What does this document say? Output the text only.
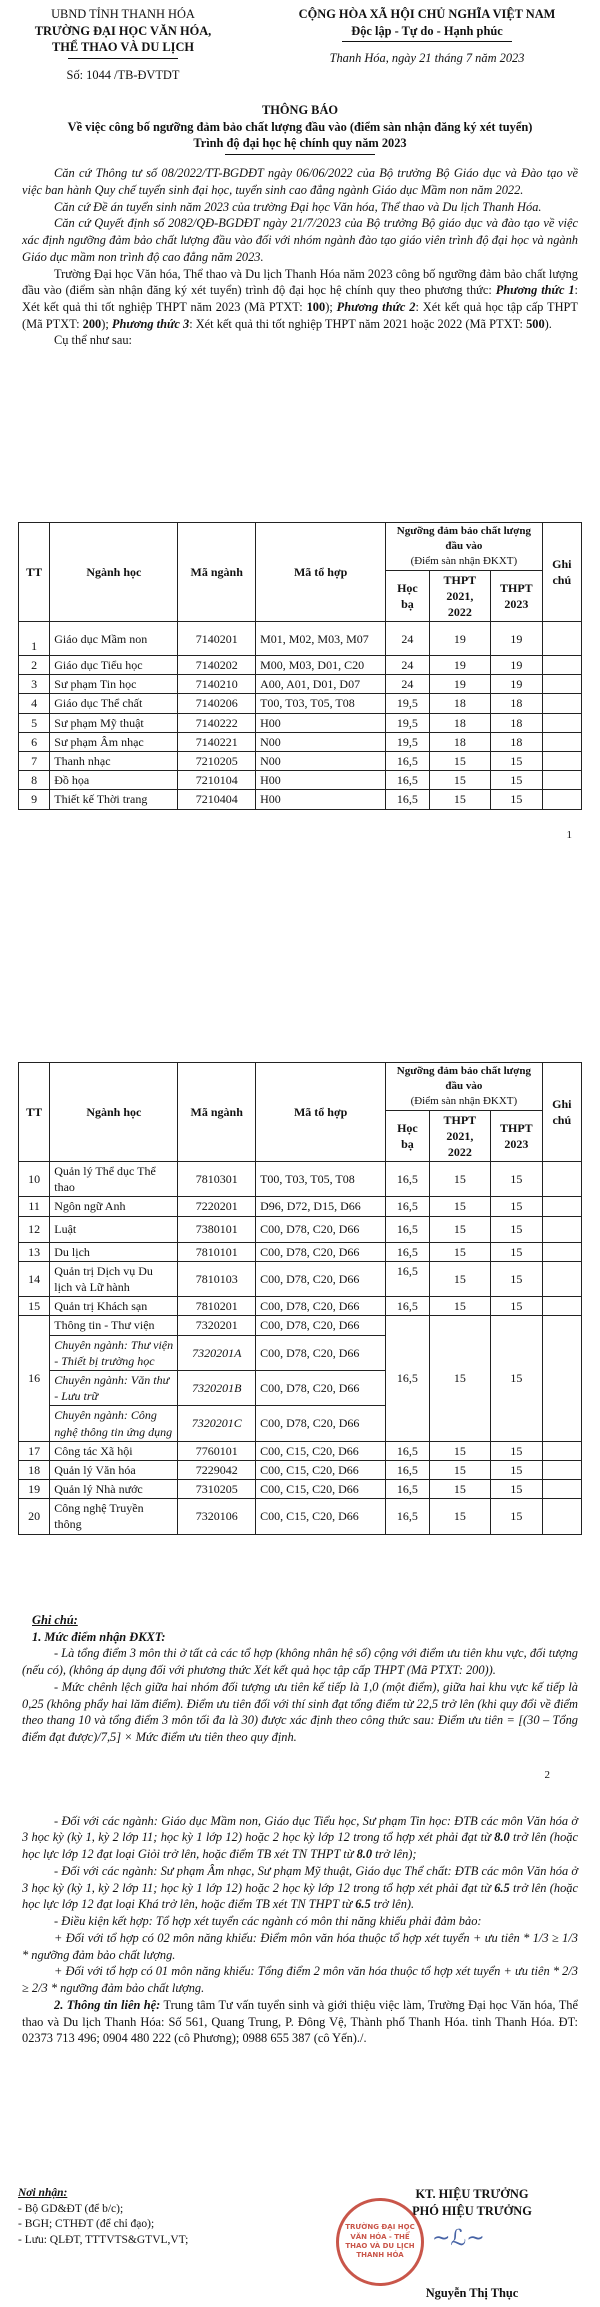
UBND TỈNH THANH HÓA
TRƯỜNG ĐẠI HỌC VĂN HÓA,
THỂ THAO VÀ DU LỊCH
Số: 1044 /TB-ĐVTDT
CỘNG HÒA XÃ HỘI CHỦ NGHĨA VIỆT NAM
Độc lập - Tự do - Hạnh phúc
Thanh Hóa, ngày 21 tháng 7 năm 2023
THÔNG BÁO
Về việc công bố ngưỡng đảm bảo chất lượng đầu vào (điểm sàn nhận đăng ký xét tuyển)
Trình độ đại học hệ chính quy năm 2023

Căn cứ Thông tư số 08/2022/TT-BGDĐT ngày 06/06/2022 của Bộ trưởng Bộ Giáo dục và Đào tạo về việc ban hành Quy chế tuyển sinh đại học, tuyển sinh cao đẳng ngành Giáo dục Mầm non năm 2022.

Căn cứ Đề án tuyển sinh năm 2023 của trường Đại học Văn hóa, Thể thao và Du lịch Thanh Hóa.

Căn cứ Quyết định số 2082/QĐ-BGDĐT ngày 21/7/2023 của Bộ trưởng Bộ giáo dục và đào tạo về việc xác định ngưỡng đảm bảo chất lượng đầu vào đối với nhóm ngành đào tạo giáo viên trình độ đại học và ngành Giáo dục mầm non trình độ cao đẳng năm 2023.

Trường Đại học Văn hóa, Thể thao và Du lịch Thanh Hóa năm 2023 công bố ngưỡng đảm bảo chất lượng đầu vào (điểm sàn nhận đăng ký xét tuyển) trình độ đại học hệ chính quy theo phương thức: Phương thức 1: Xét kết quả thi tốt nghiệp THPT năm 2023 (Mã PTXT: 100); Phương thức 2: Xét kết quả học tập cấp THPT (Mã PTXT: 200); Phương thức 3: Xét kết quả thi tốt nghiệp THPT năm 2021 hoặc 2022 (Mã PTXT: 500).

Cụ thể như sau:

TT	Ngành học	Mã ngành	Mã tổ hợp	Ngưỡng đảm bảo chất lượng đầu vào
(Điểm sàn nhận ĐKXT)			Ghi chú
				Học bạ	THPT 2021, 2022	THPT 2023	
1	Giáo dục Mầm non	7140201	M01, M02, M03, M07	24	19	19	
2	Giáo dục Tiểu học	7140202	M00, M03, D01, C20	24	19	19	
3	Sư phạm Tin học	7140210	A00, A01, D01, D07	24	19	19	
4	Giáo dục Thể chất	7140206	T00, T03, T05, T08	19,5	18	18	
5	Sư phạm Mỹ thuật	7140222	H00	19,5	18	18	
6	Sư phạm Âm nhạc	7140221	N00	19,5	18	18	
7	Thanh nhạc	7210205	N00	16,5	15	15	
8	Đồ họa	7210104	H00	16,5	15	15	
9	Thiết kế Thời trang	7210404	H00	16,5	15	15	
1
TT	Ngành học	Mã ngành	Mã tổ hợp	Ngưỡng đảm bảo chất lượng đầu vào
(Điểm sàn nhận ĐKXT)			Ghi chú
				Học bạ	THPT 2021, 2022	THPT 2023	
10	Quản lý Thể dục Thể thao	7810301	T00, T03, T05, T08	16,5	15	15	
11	Ngôn ngữ Anh	7220201	D96, D72, D15, D66	16,5	15	15	
12	Luật	7380101	C00, D78, C20, D66	16,5	15	15	
13	Du lịch	7810101	C00, D78, C20, D66	16,5	15	15	
14	Quản trị Dịch vụ Du lịch và Lữ hành	7810103	C00, D78, C20, D66	16,5	15	15	
15	Quản trị Khách sạn	7810201	C00, D78, C20, D66	16,5	15	15	
16	Thông tin - Thư viện	7320201	C00, D78, C20, D66	16,5	15	15	
	Chuyên ngành: Thư viện - Thiết bị trường học	7320201A	C00, D78, C20, D66				
	Chuyên ngành: Văn thư - Lưu trữ	7320201B	C00, D78, C20, D66				
	Chuyên ngành: Công nghệ thông tin ứng dụng	7320201C	C00, D78, C20, D66				
17	Công tác Xã hội	7760101	C00, C15, C20, D66	16,5	15	15	
18	Quản lý Văn hóa	7229042	C00, C15, C20, D66	16,5	15	15	
19	Quản lý Nhà nước	7310205	C00, C15, C20, D66	16,5	15	15	
20	Công nghệ Truyền thông	7320106	C00, C15, C20, D66	16,5	15	15	
Ghi chú:
1. Mức điểm nhận ĐKXT:

- Là tổng điểm 3 môn thi ở tất cả các tổ hợp (không nhân hệ số) cộng với điểm ưu tiên khu vực, đối tượng (nếu có), (không áp dụng đối với phương thức Xét kết quả học tập cấp THPT (Mã PTXT: 200)).

- Mức chênh lệch giữa hai nhóm đối tượng ưu tiên kế tiếp là 1,0 (một điểm), giữa hai khu vực kế tiếp là 0,25 (không phẩy hai lăm điểm). Điểm ưu tiên đối với thí sinh đạt tổng điểm từ 22,5 trở lên (khi quy đổi về điểm theo thang 10 và tổng điểm 3 môn tối đa là 30) được xác định theo công thức sau: Điểm ưu tiên = [(30 – Tổng điểm đạt được)/7,5] × Mức điểm ưu tiên theo quy định.

2

- Đối với các ngành: Giáo dục Mầm non, Giáo dục Tiểu học, Sư phạm Tin học: ĐTB các môn Văn hóa ở 3 học kỳ (kỳ 1, kỳ 2 lớp 11; học kỳ 1 lớp 12) hoặc 2 học kỳ lớp 12 trong tổ hợp xét phải đạt từ 8.0 trở lên (hoặc học lực lớp 12 đạt loại Giỏi trở lên, hoặc điểm TB xét TN THPT từ 8.0 trở lên);

- Đối với các ngành: Sư phạm Âm nhạc, Sư phạm Mỹ thuật, Giáo dục Thể chất: ĐTB các môn Văn hóa ở 3 học kỳ (kỳ 1, kỳ 2 lớp 11; học kỳ 1 lớp 12) hoặc 2 học kỳ lớp 12 trong tổ hợp xét phải đạt từ 6.5 trở lên (hoặc học lực lớp 12 đạt loại Khá trở lên, hoặc điểm TB xét TN THPT từ 6.5 trở lên).

- Điều kiện kết hợp: Tổ hợp xét tuyển các ngành có môn thi năng khiếu phải đảm bảo:

+ Đối với tổ hợp có 02 môn năng khiếu: Điểm môn văn hóa thuộc tổ hợp xét tuyển + ưu tiên * 1/3 ≥ 1/3 * ngưỡng đảm bảo chất lượng.

+ Đối với tổ hợp có 01 môn năng khiếu: Tổng điểm 2 môn văn hóa thuộc tổ hợp xét tuyển + ưu tiên * 2/3 ≥ 2/3 * ngưỡng đảm bảo chất lượng.

2. Thông tin liên hệ: Trung tâm Tư vấn tuyển sinh và giới thiệu việc làm, Trường Đại học Văn hóa, Thể thao và Du lịch Thanh Hóa: Số 561, Quang Trung, P. Đông Vệ, Thành phố Thanh Hóa. tỉnh Thanh Hóa. ĐT: 02373 713 496; 0904 480 222 (cô Phương); 0988 655 387 (cô Yến)./.

Nơi nhận:
- Bộ GD&ĐT (để b/c);
- BGH; CTHĐT (để chỉ đạo);
- Lưu: QLĐT, TTTVTS&GTVL,VT;
KT. HIỆU TRƯỞNG
PHÓ HIỆU TRƯỞNG
Nguyễn Thị Thục
TRƯỜNG ĐẠI HỌC VĂN HÓA - THỂ THAO VÀ DU LỊCH THANH HÓA
~⁠ℒ~
